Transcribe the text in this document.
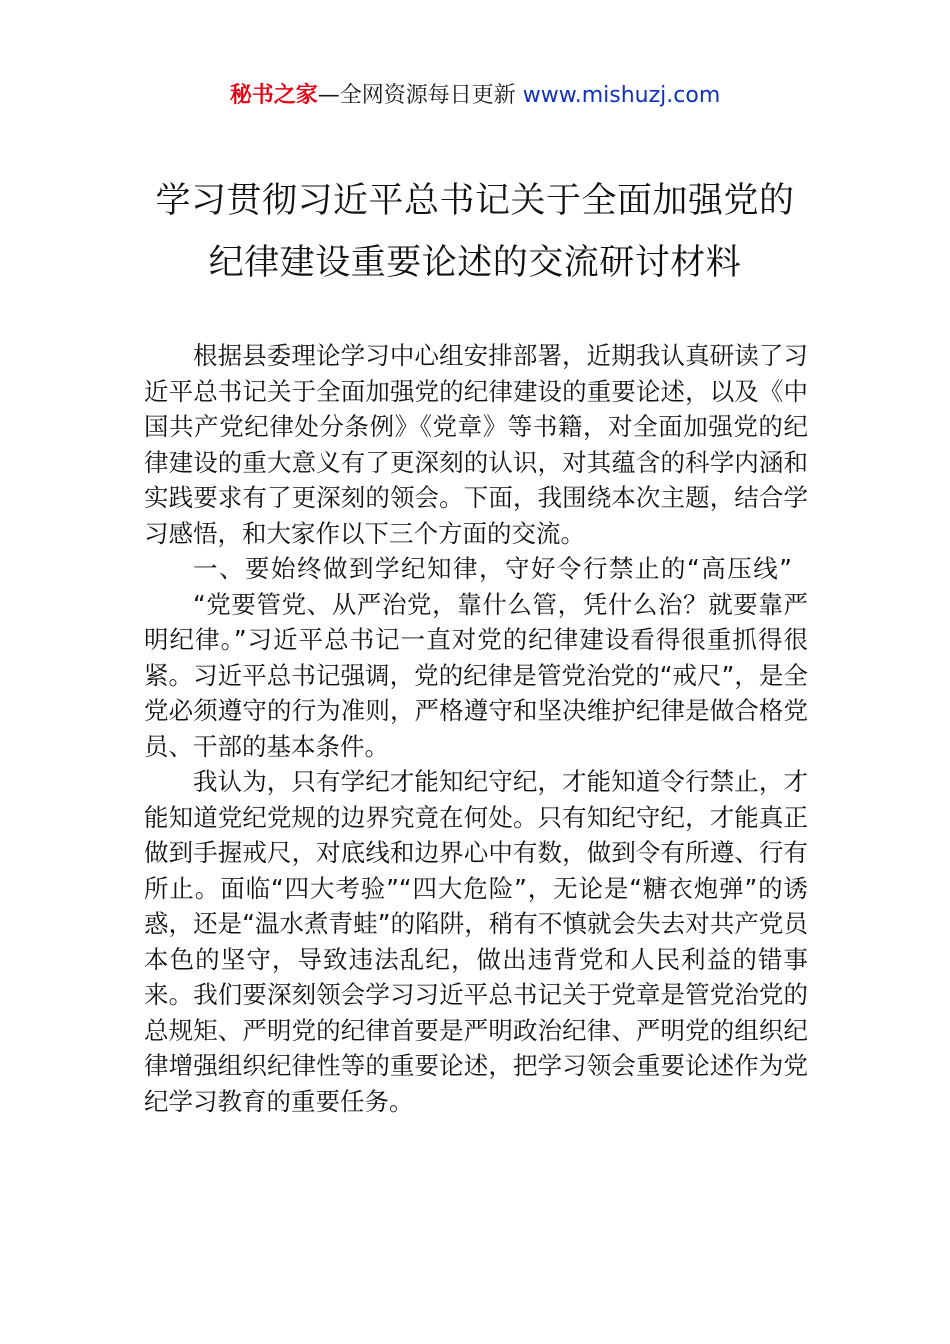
秘书之家—全网资源每日更新 www.mishuzj.com
学习贯彻习近平总书记关于全面加强党的
纪律建设重要论述的交流研讨材料

根据县委理论学习中心组安排部署，近期我认真研读了习近平总书记关于全面加强党的纪律建设的重要论述，以及《中国共产党纪律处分条例》《党章》等书籍，对全面加强党的纪律建设的重大意义有了更深刻的认识，对其蕴含的科学内涵和实践要求有了更深刻的领会。下面，我围绕本次主题，结合学习感悟，和大家作以下三个方面的交流。

一、要始终做到学纪知律，守好令行禁止的“高压线”

“党要管党、从严治党，靠什么管，凭什么治？就要靠严明纪律。”习近平总书记一直对党的纪律建设看得很重抓得很紧。习近平总书记强调，党的纪律是管党治党的“戒尺”，是全党必须遵守的行为准则，严格遵守和坚决维护纪律是做合格党员、干部的基本条件。

我认为，只有学纪才能知纪守纪，才能知道令行禁止，才能知道党纪党规的边界究竟在何处。只有知纪守纪，才能真正做到手握戒尺，对底线和边界心中有数，做到令有所遵、行有所止。面临“四大考验”“四大危险”，无论是“糖衣炮弹”的诱惑，还是“温水煮青蛙”的陷阱，稍有不慎就会失去对共产党员本色的坚守，导致违法乱纪，做出违背党和人民利益的错事来。我们要深刻领会学习习近平总书记关于党章是管党治党的总规矩、严明党的纪律首要是严明政治纪律、严明党的组织纪律增强组织纪律性等的重要论述，把学习领会重要论述作为党纪学习教育的重要任务。
